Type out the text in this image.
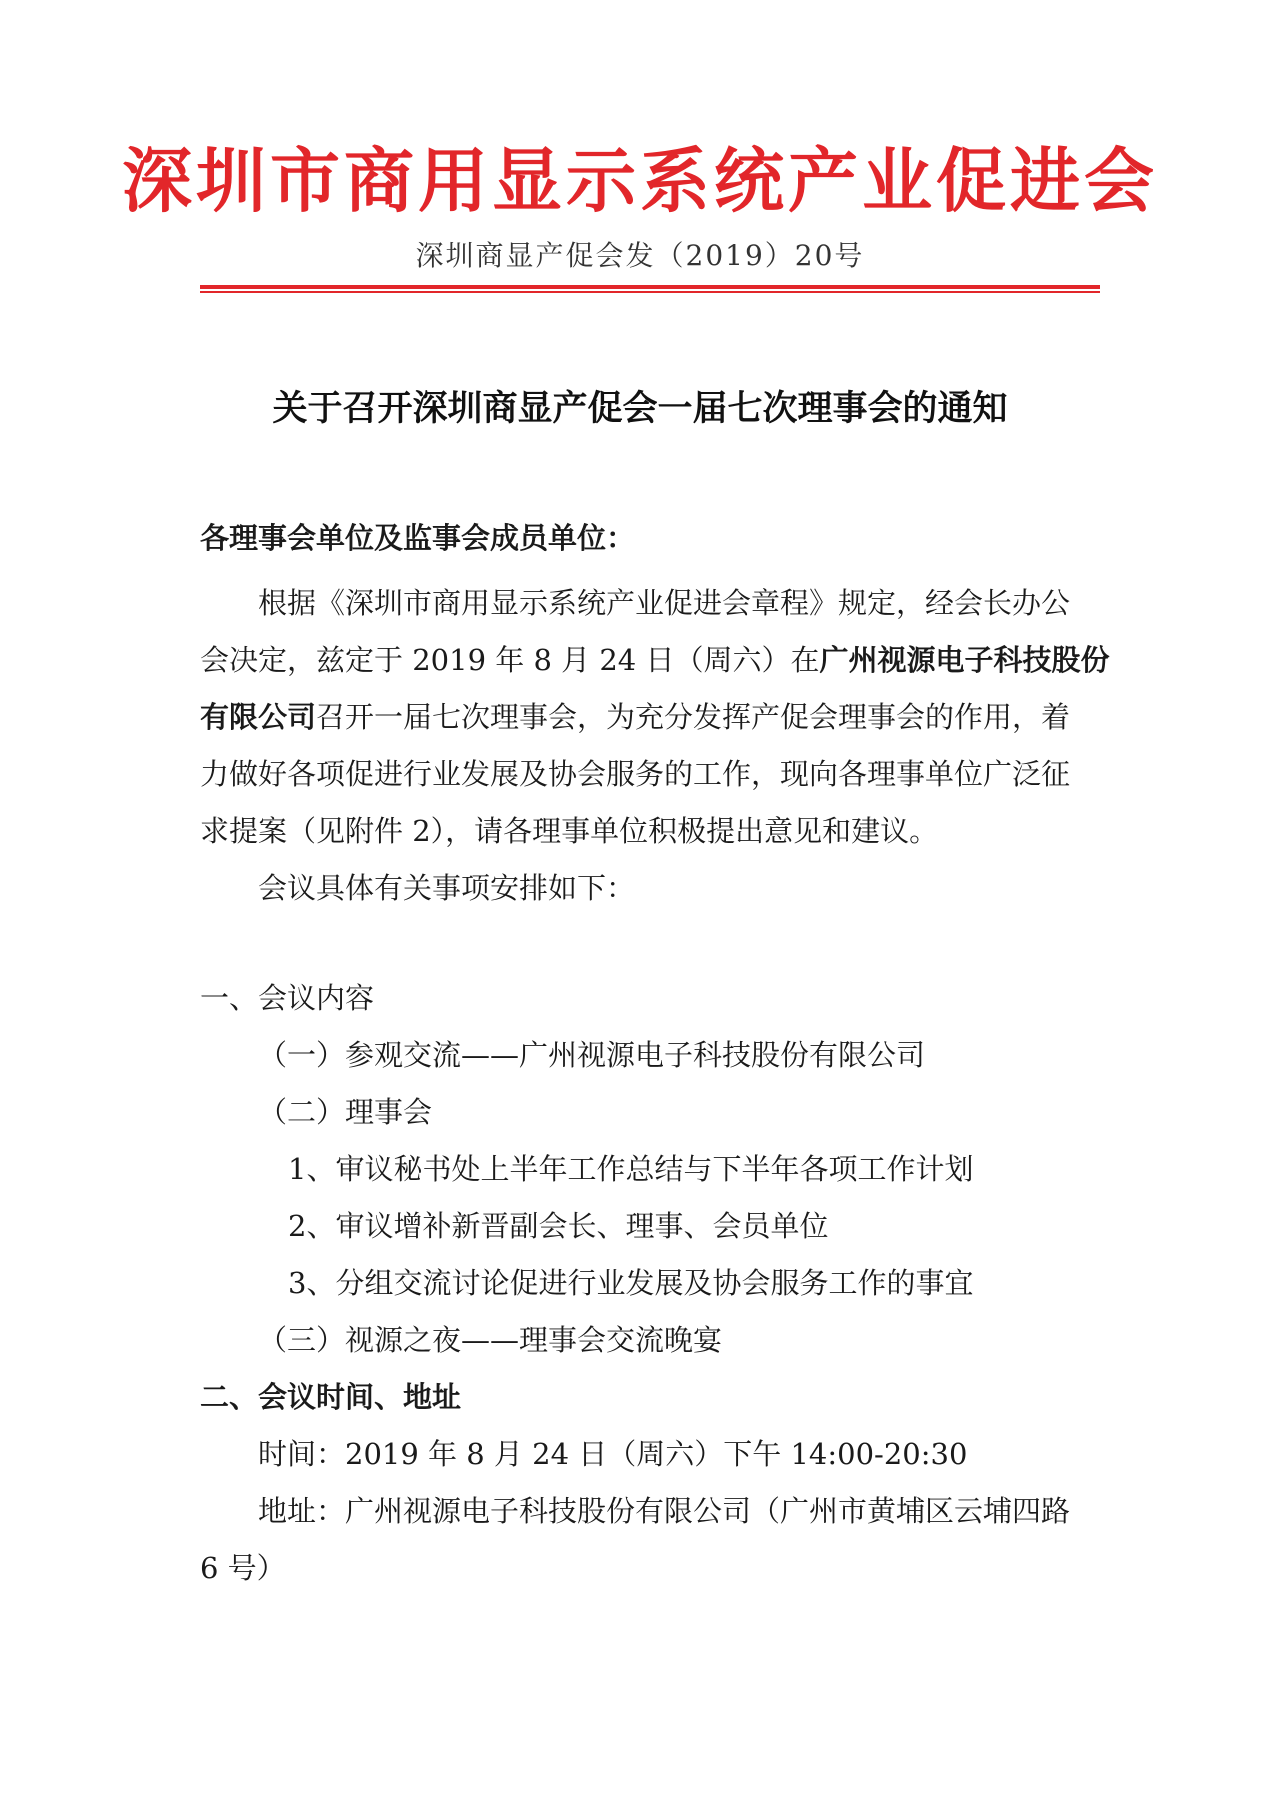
深圳市商用显示系统产业促进会
深圳商显产促会发（2019）20号
关于召开深圳商显产促会一届七次理事会的通知
各理事会单位及监事会成员单位：
根据《深圳市商用显示系统产业促进会章程》规定，经会长办公
会决定，兹定于 2019 年 8 月 24 日（周六）在广州视源电子科技股份
有限公司召开一届七次理事会，为充分发挥产促会理事会的作用，着
力做好各项促进行业发展及协会服务的工作，现向各理事单位广泛征
求提案（见附件 2），请各理事单位积极提出意见和建议。
会议具体有关事项安排如下：
一、会议内容
（一）参观交流——广州视源电子科技股份有限公司
（二）理事会
1、审议秘书处上半年工作总结与下半年各项工作计划
2、审议增补新晋副会长、理事、会员单位
3、分组交流讨论促进行业发展及协会服务工作的事宜
（三）视源之夜——理事会交流晚宴
二、会议时间、地址
时间：2019 年 8 月 24 日（周六）下午 14:00-20:30
地址：广州视源电子科技股份有限公司（广州市黄埔区云埔四路
6 号）
